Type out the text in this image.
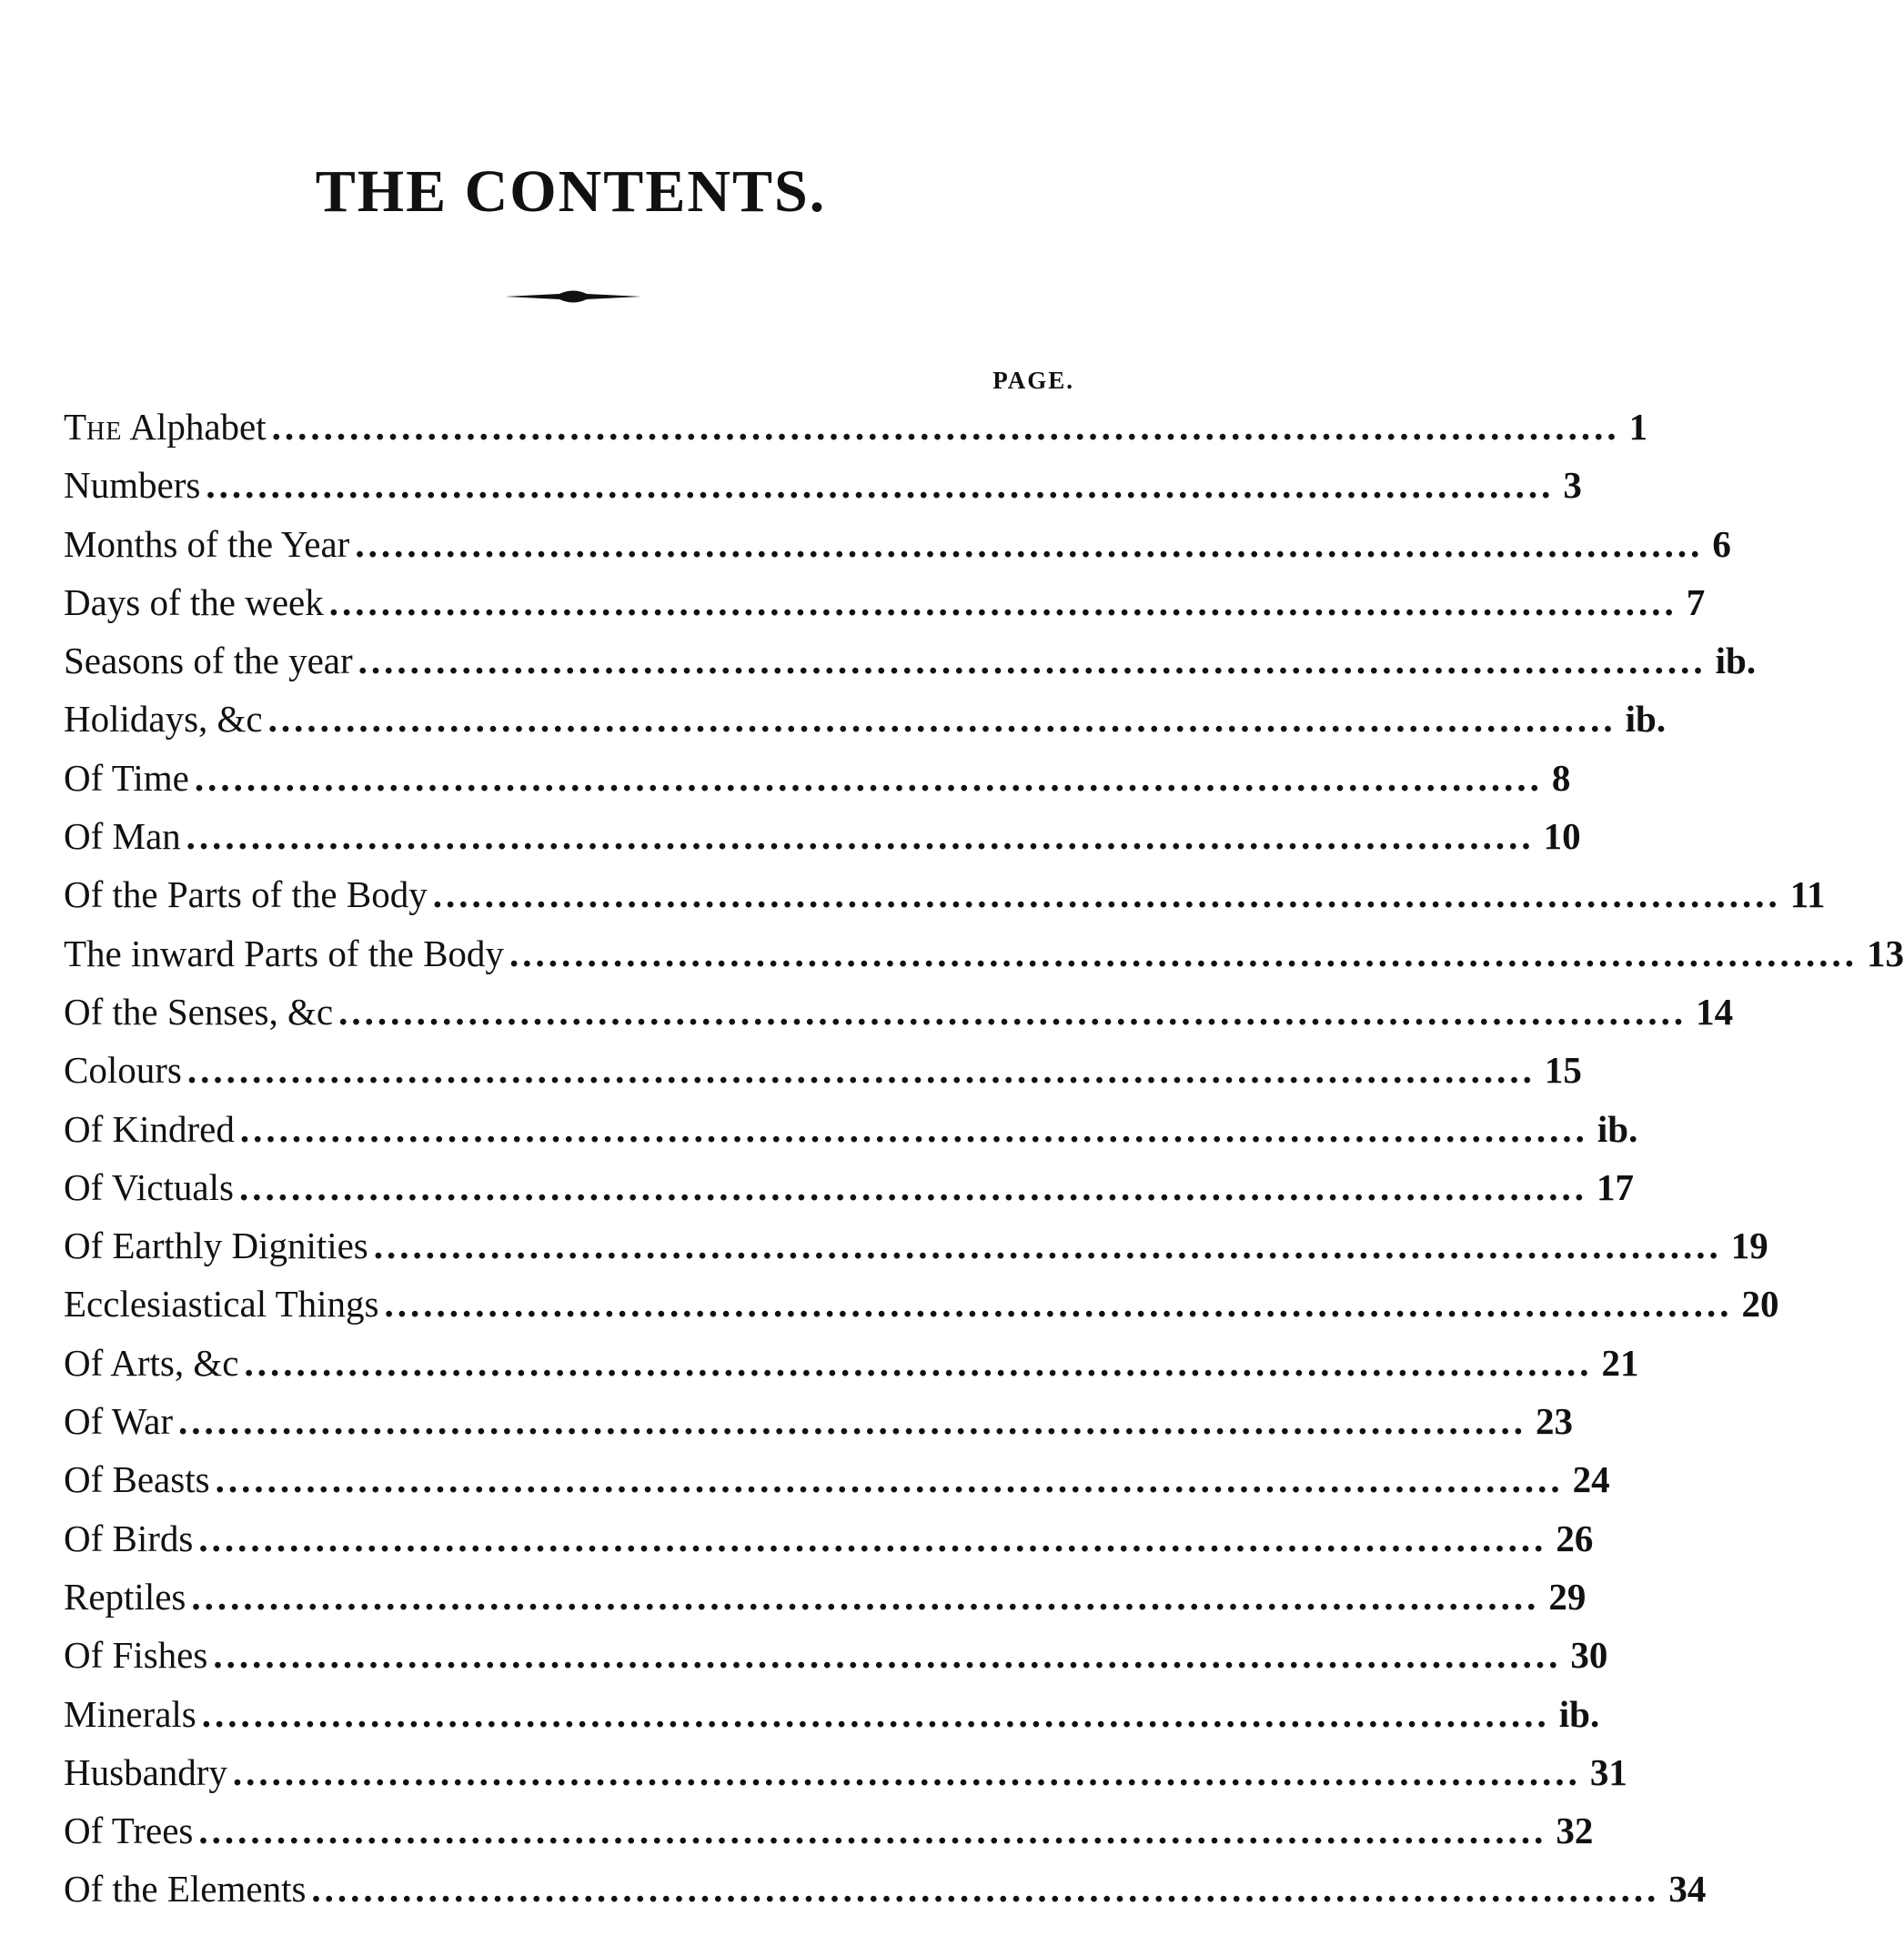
THE CONTENTS.
PAGE.
THE Alphabet ........................................................................................................ 1
Numbers ........................................................................................................ 3
Months of the Year ........................................................................................................ 6
Days of the week ........................................................................................................ 7
Seasons of the year ........................................................................................................ ib.
Holidays, &c ........................................................................................................ ib.
Of Time ........................................................................................................ 8
Of Man ........................................................................................................ 10
Of the Parts of the Body ........................................................................................................ 11
The inward Parts of the Body ........................................................................................................ 13
Of the Senses, &c ........................................................................................................ 14
Colours ........................................................................................................ 15
Of Kindred ........................................................................................................ ib.
Of Victuals ........................................................................................................ 17
Of Earthly Dignities ........................................................................................................ 19
Ecclesiastical Things ........................................................................................................ 20
Of Arts, &c ........................................................................................................ 21
Of War ........................................................................................................ 23
Of Beasts ........................................................................................................ 24
Of Birds ........................................................................................................ 26
Reptiles ........................................................................................................ 29
Of Fishes ........................................................................................................ 30
Minerals ........................................................................................................ ib.
Husbandry ........................................................................................................ 31
Of Trees ........................................................................................................ 32
Of the Elements ........................................................................................................ 34
